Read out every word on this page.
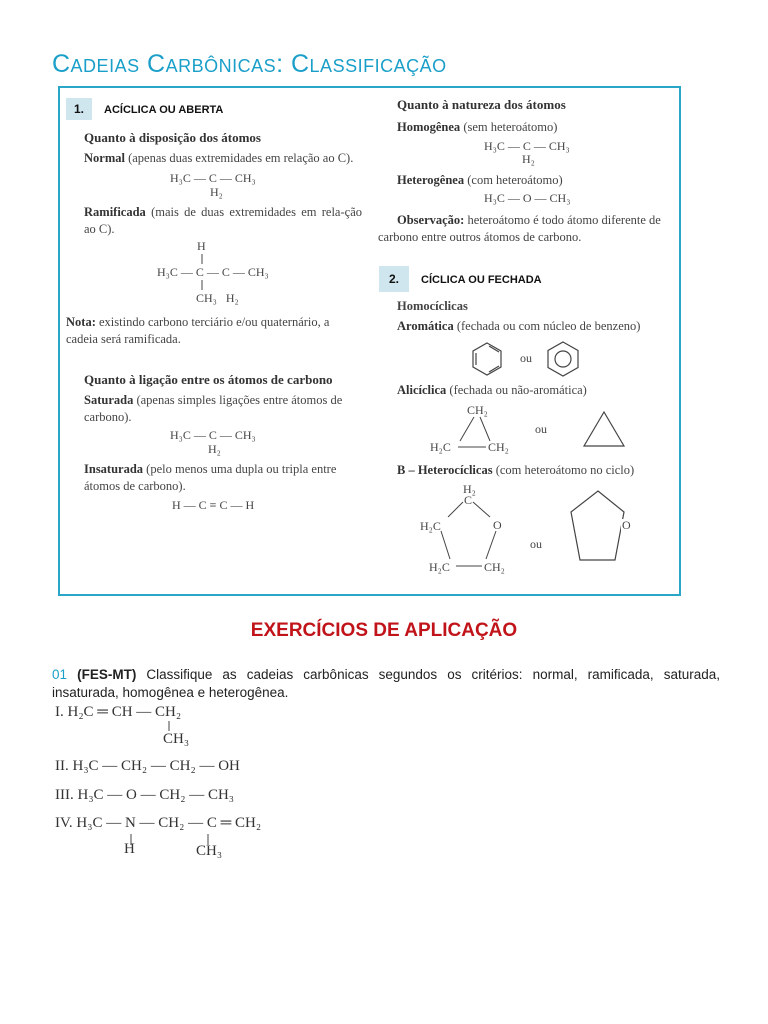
Cadeias Carbônicas: Classificação
1. ACÍCLICA OU ABERTA
Quanto à disposição dos átomos
Normal (apenas duas extremidades em relação ao C).
H₃C — C — CH₃
H₂
Ramificada (mais de duas extremidades em rela-ção ao C).
H
H₃C — C — C — CH₃
CH₃   H₂
Nota: existindo carbono terciário e/ou quaternário, a cadeia será ramificada.
Quanto à ligação entre os átomos de carbono
Saturada (apenas simples ligações entre átomos de carbono).
H₃C — C — CH₃
H₂
Insaturada (pelo menos uma dupla ou tripla entre átomos de carbono).
H — C ≡ C — H
Quanto à natureza dos átomos
Homogênea (sem heteroátomo)
H₃C — C — CH₃
H₂
Heterogênea (com heteroátomo)
H₃C — O — CH₃
Observação: heteroátomo é todo átomo diferente de carbono entre outros átomos de carbono.
2. CÍCLICA OU FECHADA
Homocíclicas
Aromática (fechada ou com núcleo de benzeno)
ou
Alicíclica (fechada ou não-aromática)
CH₂
H₂C	CH₂
ou
B – Heterocíclicas (com heteroátomo no ciclo)
H₂
C
H₂C	O
H₂C	CH₂
ou
O
EXERCÍCIOS DE APLICAÇÃO
01 (FES-MT) Classifique as cadeias carbônicas segundos os critérios: normal, ramificada, saturada, insaturada, homogênea e heterogênea.
I. H₂C ═ CH — CH₂
CH₃
II. H₃C — CH₂ — CH₂ — OH
III. H₃C — O — CH₂ — CH₃
IV. H₃C — N — CH₂ — C ═ CH₂
H	CH₃
